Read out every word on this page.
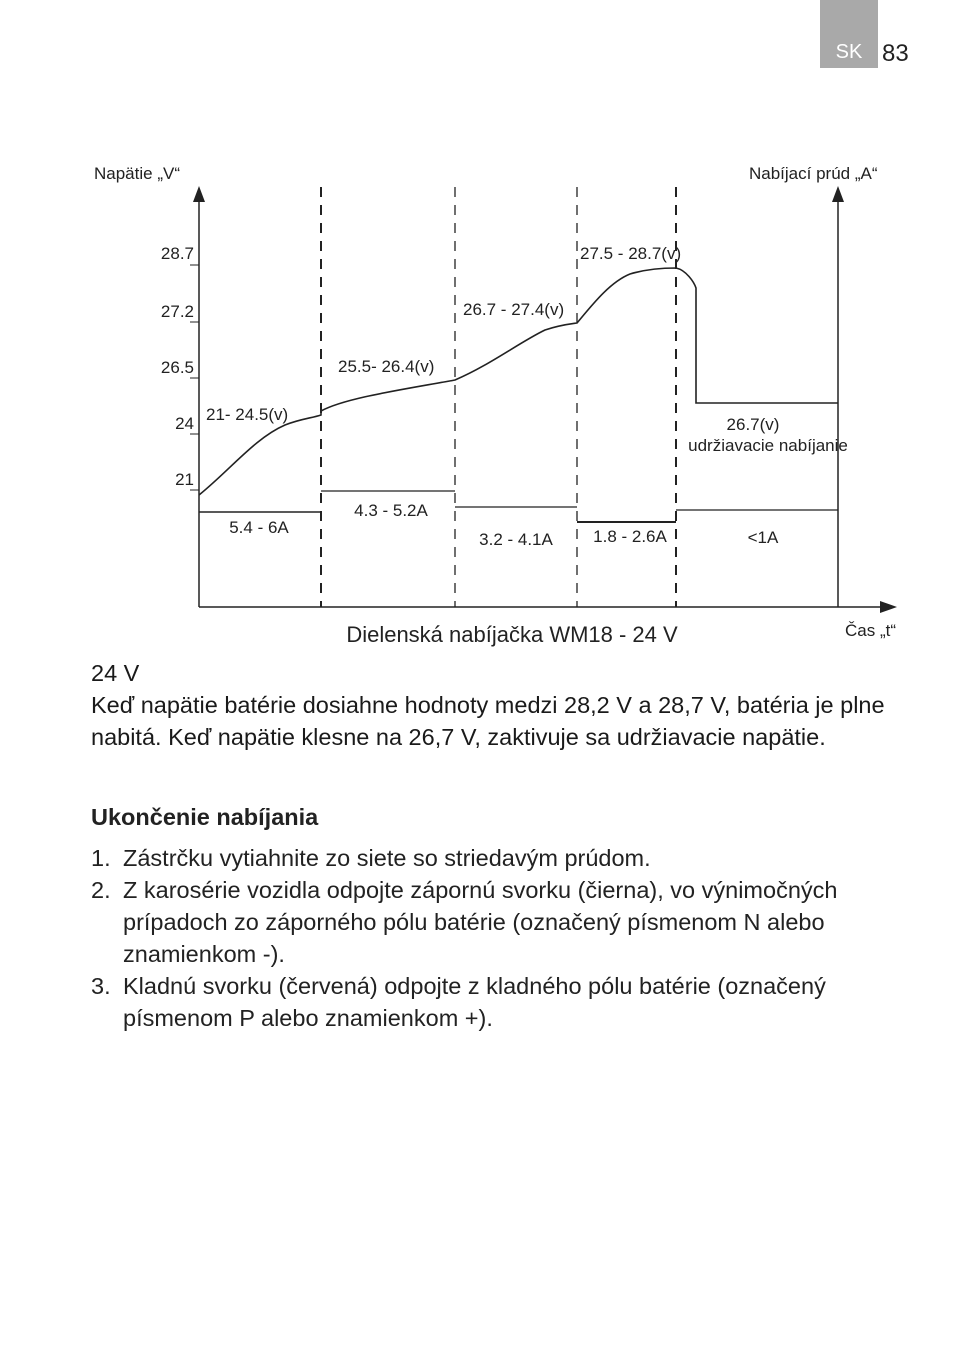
SK 83
Napätie „V“	Nabíjací prúd „A“
Čas „t“
28.7
27.2
26.5
24
21
21- 24.5(v)
25.5- 26.4(v)
26.7 - 27.4(v)
27.5 - 28.7(v)
26.7(v)
udržiavacie nabíjanie
5.4 - 6A
4.3 - 5.2A
3.2 - 4.1A 1.8 - 2.6A	<1A
Dielenská nabíjačka WM18 - 24 V
24 V
Keď napätie batérie dosiahne hodnoty medzi 28,2 V a 28,7 V, batéria je plne nabitá. Keď napätie klesne na 26,7 V, zaktivuje sa udržiavacie napätie.
Ukončenie nabíjania
1. Zástrčku vytiahnite zo siete so striedavým prúdom.
2. Z karosérie vozidla odpojte zápornú svorku (čierna), vo výnimočných prípadoch zo záporného pólu batérie (označený písmenom N alebo znamienkom -).
3. Kladnú svorku (červená) odpojte z kladného pólu batérie (označený písmenom P alebo znamienkom +).
